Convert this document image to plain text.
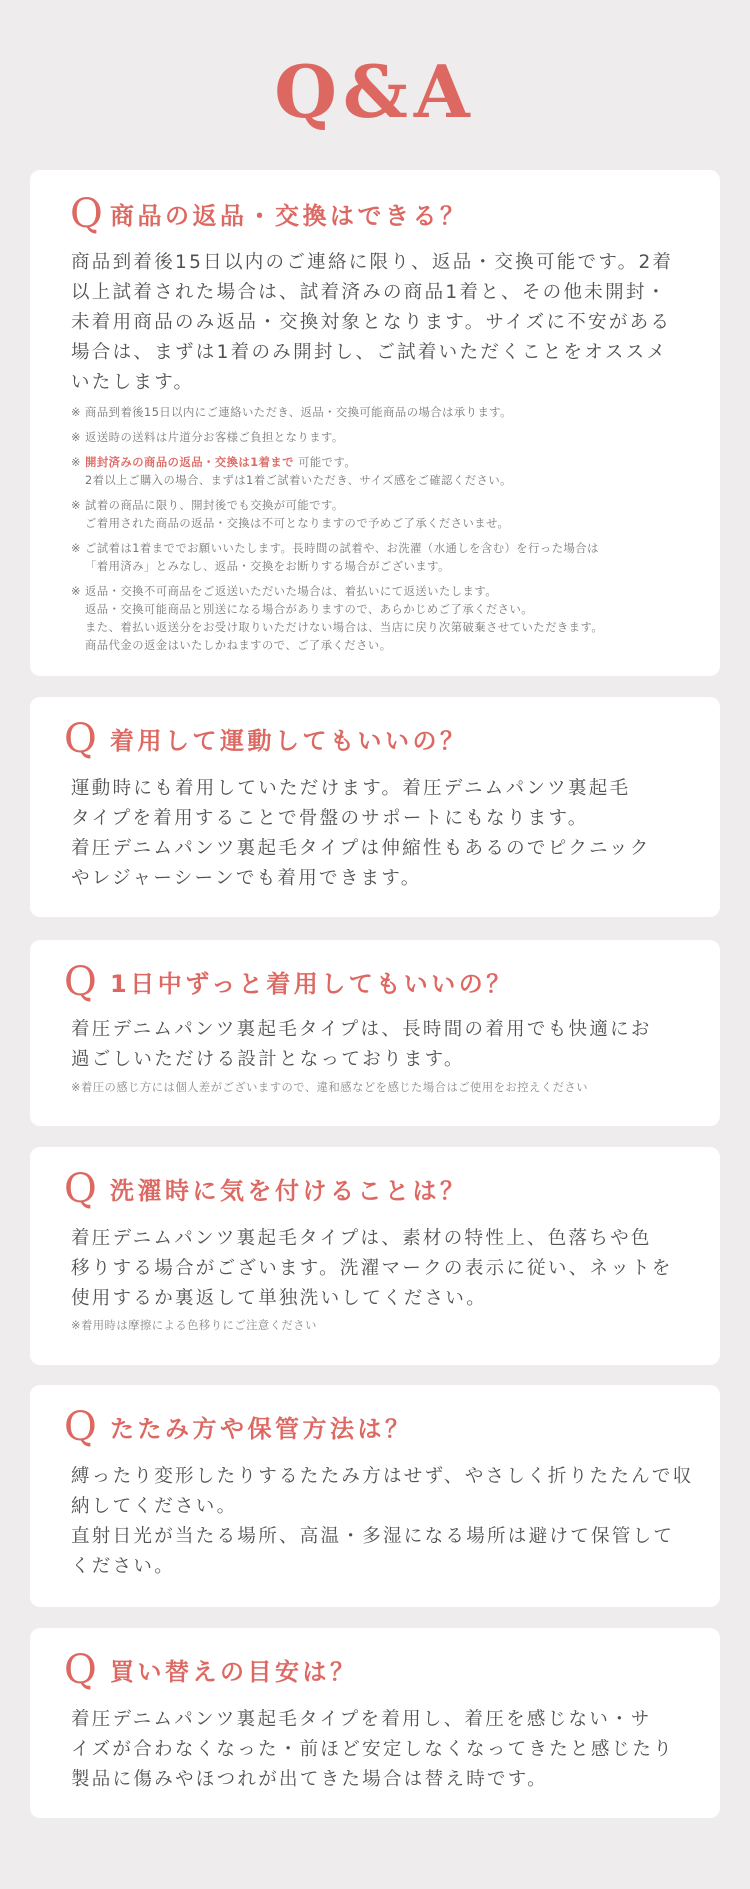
Q&A
Q 商品の返品・交換はできる？

商品到着後15日以内のご連絡に限り、返品・交換可能です。2着
以上試着された場合は、試着済みの商品1着と、その他未開封・
未着用商品のみ返品・交換対象となります。サイズに不安がある
場合は、まずは1着のみ開封し、ご試着いただくことをオススメ
いたします。

※ 商品到着後15日以内にご連絡いただき、返品・交換可能商品の場合は承ります。
※ 返送時の送料は片道分お客様ご負担となります。
※ 開封済みの商品の返品・交換は1着まで 可能です。
2着以上ご購入の場合、まずは1着ご試着いただき、サイズ感をご確認ください。
※ 試着の商品に限り、開封後でも交換が可能です。
ご着用された商品の返品・交換は不可となりますので予めご了承くださいませ。
※ ご試着は1着まででお願いいたします。長時間の試着や、お洗濯（水通しを含む）を行った場合は
「着用済み」とみなし、返品・交換をお断りする場合がございます。
※ 返品・交換不可商品をご返送いただいた場合は、着払いにて返送いたします。
返品・交換可能商品と別送になる場合がありますので、あらかじめご了承ください。
また、着払い返送分をお受け取りいただけない場合は、当店に戻り次第破棄させていただきます。
商品代金の返金はいたしかねますので、ご了承ください。
Q 着用して運動してもいいの？

運動時にも着用していただけます。着圧デニムパンツ裏起毛
タイプを着用することで骨盤のサポートにもなります。
着圧デニムパンツ裏起毛タイプは伸縮性もあるのでピクニック
やレジャーシーンでも着用できます。

Q 1日中ずっと着用してもいいの？

着圧デニムパンツ裏起毛タイプは、長時間の着用でも快適にお
過ごしいただける設計となっております。

※着圧の感じ方には個人差がございますので、違和感などを感じた場合はご使用をお控えください
Q 洗濯時に気を付けることは？

着圧デニムパンツ裏起毛タイプは、素材の特性上、色落ちや色
移りする場合がございます。洗濯マークの表示に従い、ネットを
使用するか裏返して単独洗いしてください。

※着用時は摩擦による色移りにご注意ください
Q たたみ方や保管方法は？

縛ったり変形したりするたたみ方はせず、やさしく折りたたんで収
納してください。
直射日光が当たる場所、高温・多湿になる場所は避けて保管して
ください。

Q 買い替えの目安は？

着圧デニムパンツ裏起毛タイプを着用し、着圧を感じない・サ
イズが合わなくなった・前ほど安定しなくなってきたと感じたり
製品に傷みやほつれが出てきた場合は替え時です。
